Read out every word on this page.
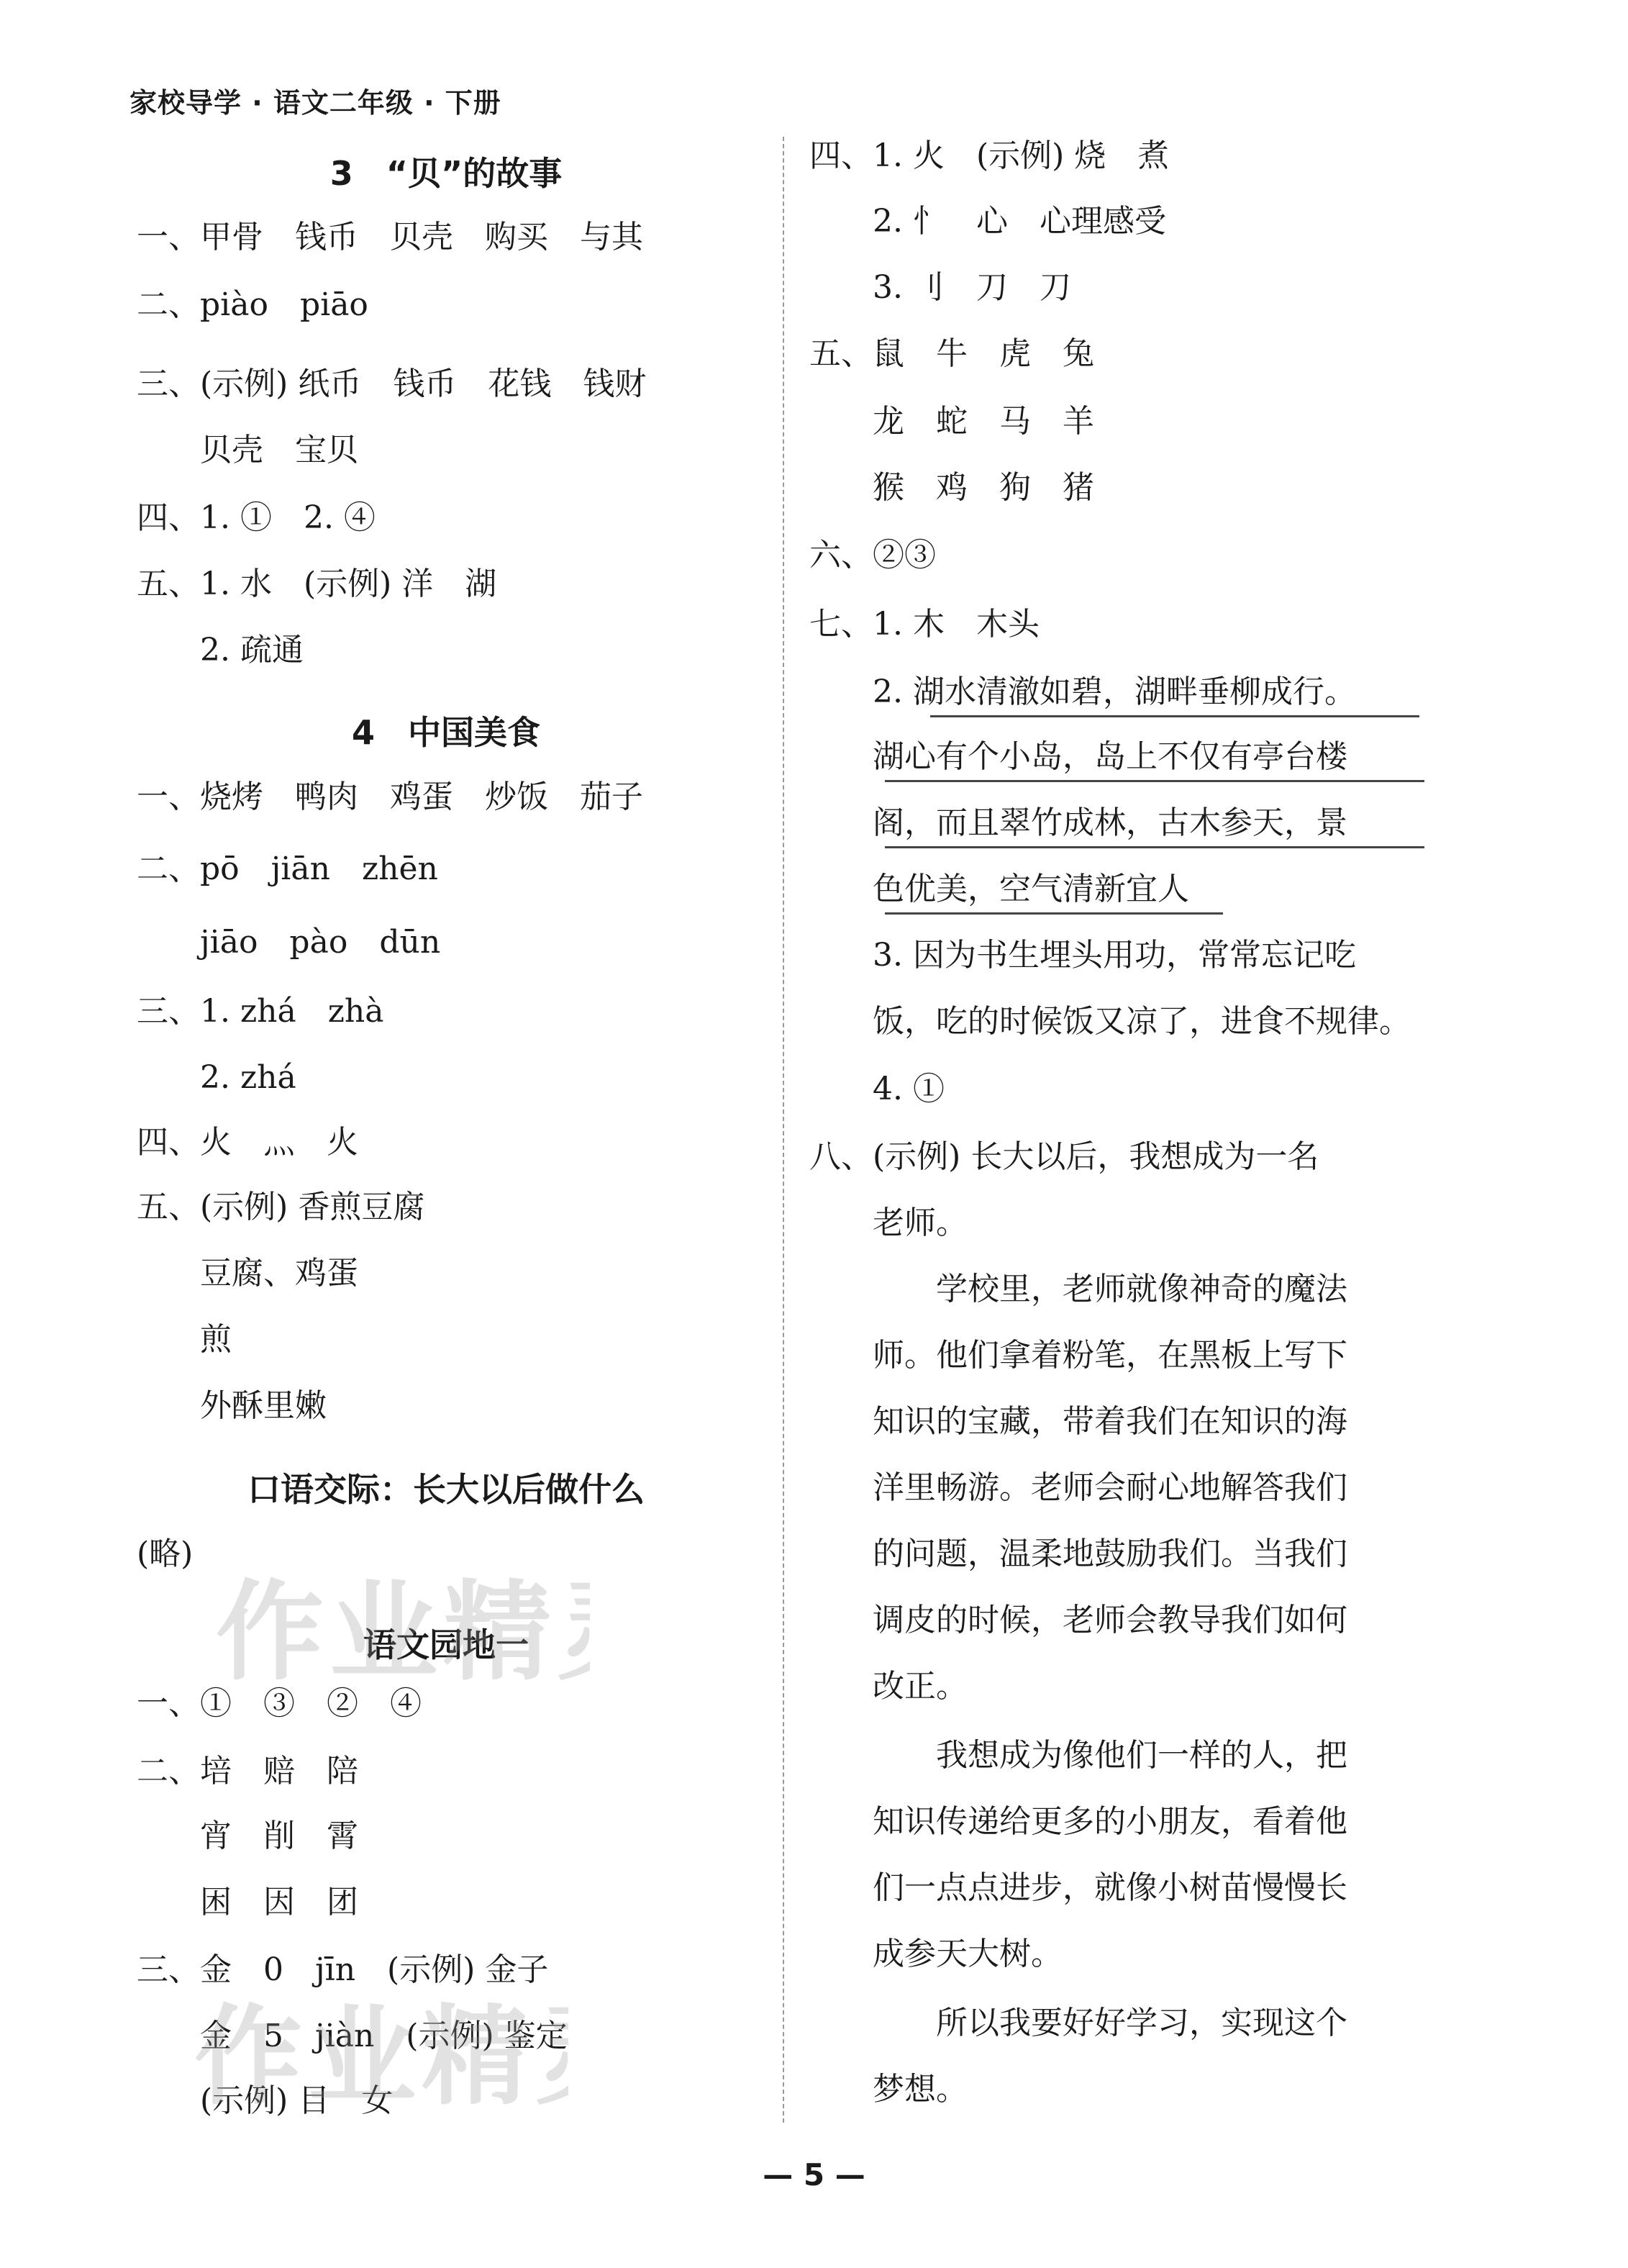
家校导学 · 语文二年级 · 下册
3　“贝”的故事
一、甲骨　钱币　贝壳　购买　与其
二、piào　piāo
三、(示例) 纸币　钱币　花钱　钱财
　　贝壳　宝贝
四、1. ①　2. ④
五、1. 水　(示例) 洋　湖
　　2. 疏通
4　中国美食
一、烧烤　鸭肉　鸡蛋　炒饭　茄子
二、pō　jiān　zhēn
　　jiāo　pào　dūn
三、1. zhá　zhà
　　2. zhá
四、火　灬　火
五、(示例) 香煎豆腐
　　豆腐、鸡蛋
　　煎
　　外酥里嫩
口语交际：长大以后做什么
(略)
语文园地一
一、①　③　②　④
二、培　赔　陪
　　宵　削　霄
　　困　因　团
三、金　0　jīn　(示例) 金子
　　金　5　jiàn　(示例) 鉴定
　　(示例) 目　女
四、1. 火　(示例) 烧　煮
　　2. 忄　心　心理感受
　　3. 刂　刀　刀
五、鼠　牛　虎　兔
　　龙　蛇　马　羊
　　猴　鸡　狗　猪
六、②③
七、1. 木　木头
　　2. 湖水清澈如碧，湖畔垂柳成行。
　　湖心有个小岛，岛上不仅有亭台楼
　　阁，而且翠竹成林，古木参天，景
　　色优美，空气清新宜人
　　3. 因为书生埋头用功，常常忘记吃
　　饭，吃的时候饭又凉了，进食不规律。
　　4. ①
八、(示例) 长大以后，我想成为一名
　　老师。
　　　　学校里，老师就像神奇的魔法
　　师。他们拿着粉笔，在黑板上写下
　　知识的宝藏，带着我们在知识的海
　　洋里畅游。老师会耐心地解答我们
　　的问题，温柔地鼓励我们。当我们
　　调皮的时候，老师会教导我们如何
　　改正。
　　　　我想成为像他们一样的人，把
　　知识传递给更多的小朋友，看着他
　　们一点点进步，就像小树苗慢慢长
　　成参天大树。
　　　　所以我要好好学习，实现这个
　　梦想。
作业精
作业精
— 5 —
